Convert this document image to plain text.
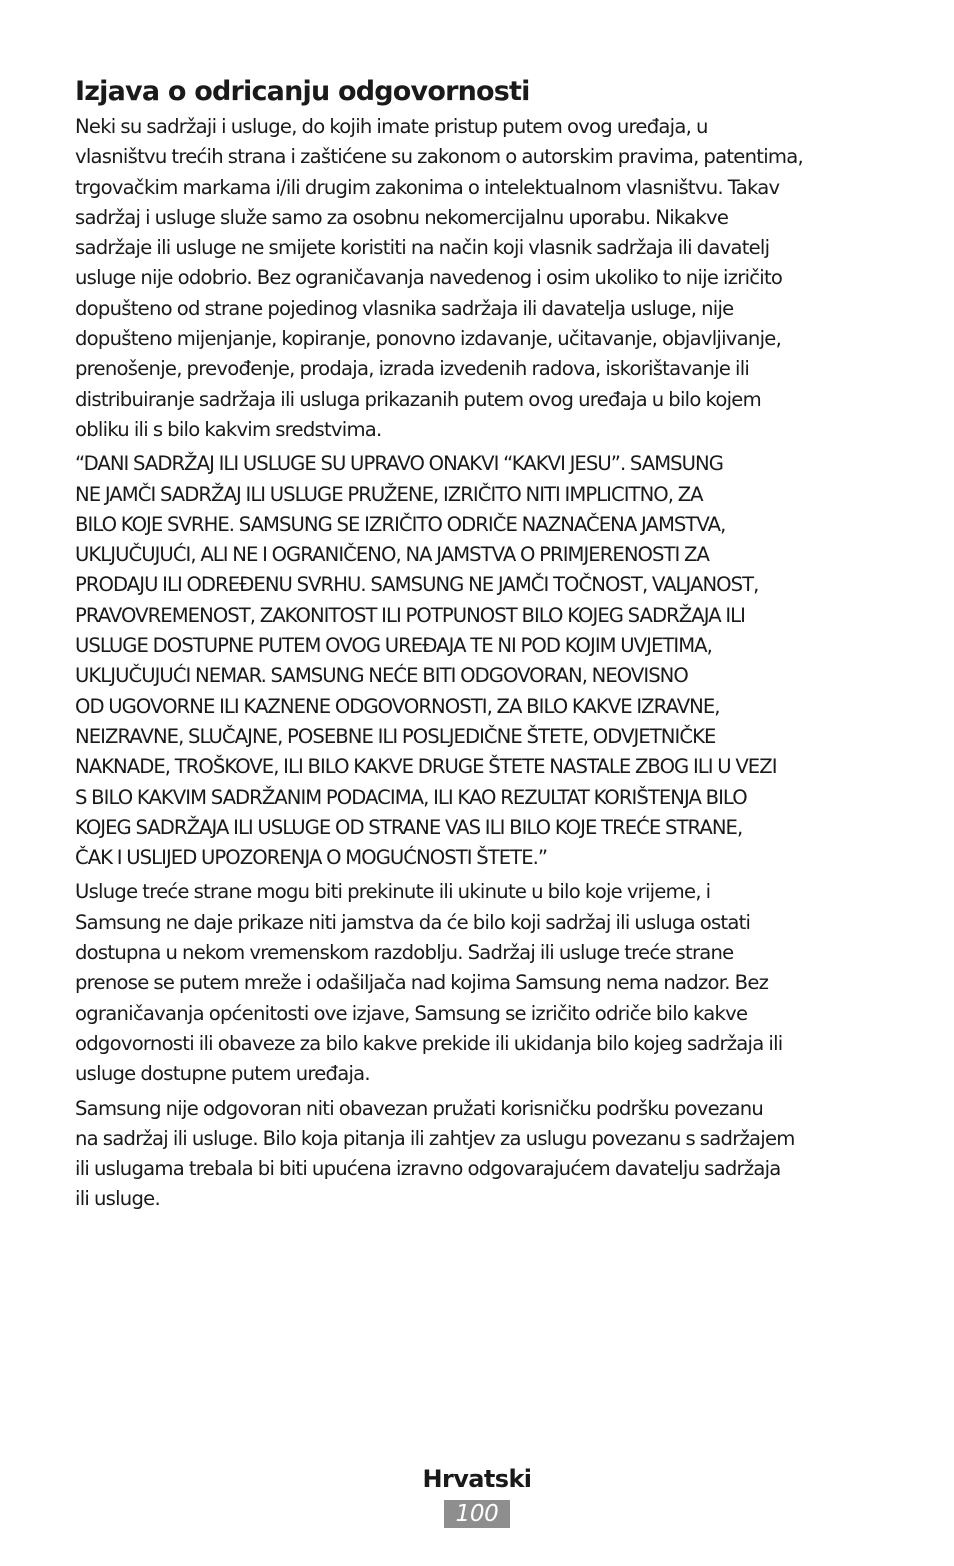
Izjava o odricanju odgovornosti
Neki su sadržaji i usluge, do kojih imate pristup putem ovog uređaja, u
vlasništvu trećih strana i zaštićene su zakonom o autorskim pravima, patentima,
trgovačkim markama i/ili drugim zakonima o intelektualnom vlasništvu. Takav
sadržaj i usluge služe samo za osobnu nekomercijalnu uporabu. Nikakve
sadržaje ili usluge ne smijete koristiti na način koji vlasnik sadržaja ili davatelj
usluge nije odobrio. Bez ograničavanja navedenog i osim ukoliko to nije izričito
dopušteno od strane pojedinog vlasnika sadržaja ili davatelja usluge, nije
dopušteno mijenjanje, kopiranje, ponovno izdavanje, učitavanje, objavljivanje,
prenošenje, prevođenje, prodaja, izrada izvedenih radova, iskorištavanje ili
distribuiranje sadržaja ili usluga prikazanih putem ovog uređaja u bilo kojem
obliku ili s bilo kakvim sredstvima.
“DANI SADRŽAJ ILI USLUGE SU UPRAVO ONAKVI “KAKVI JESU”. SAMSUNG
NE JAMČI SADRŽAJ ILI USLUGE PRUŽENE, IZRIČITO NITI IMPLICITNO, ZA
BILO KOJE SVRHE. SAMSUNG SE IZRIČITO ODRIČE NAZNAČENA JAMSTVA,
UKLJUČUJUĆI, ALI NE I OGRANIČENO, NA JAMSTVA O PRIMJERENOSTI ZA
PRODAJU ILI ODREĐENU SVRHU. SAMSUNG NE JAMČI TOČNOST, VALJANOST,
PRAVOVREMENOST, ZAKONITOST ILI POTPUNOST BILO KOJEG SADRŽAJA ILI
USLUGE DOSTUPNE PUTEM OVOG UREĐAJA TE NI POD KOJIM UVJETIMA,
UKLJUČUJUĆI NEMAR. SAMSUNG NEĆE BITI ODGOVORAN, NEOVISNO
OD UGOVORNE ILI KAZNENE ODGOVORNOSTI, ZA BILO KAKVE IZRAVNE,
NEIZRAVNE, SLUČAJNE, POSEBNE ILI POSLJEDIČNE ŠTETE, ODVJETNIČKE
NAKNADE, TROŠKOVE, ILI BILO KAKVE DRUGE ŠTETE NASTALE ZBOG ILI U VEZI
S BILO KAKVIM SADRŽANIM PODACIMA, ILI KAO REZULTAT KORIŠTENJA BILO
KOJEG SADRŽAJA ILI USLUGE OD STRANE VAS ILI BILO KOJE TREĆE STRANE,
ČAK I USLIJED UPOZORENJA O MOGUĆNOSTI ŠTETE.”
Usluge treće strane mogu biti prekinute ili ukinute u bilo koje vrijeme, i
Samsung ne daje prikaze niti jamstva da će bilo koji sadržaj ili usluga ostati
dostupna u nekom vremenskom razdoblju. Sadržaj ili usluge treće strane
prenose se putem mreže i odašiljača nad kojima Samsung nema nadzor. Bez
ograničavanja općenitosti ove izjave, Samsung se izričito odriče bilo kakve
odgovornosti ili obaveze za bilo kakve prekide ili ukidanja bilo kojeg sadržaja ili
usluge dostupne putem uređaja.
Samsung nije odgovoran niti obavezan pružati korisničku podršku povezanu
na sadržaj ili usluge. Bilo koja pitanja ili zahtjev za uslugu povezanu s sadržajem
ili uslugama trebala bi biti upućena izravno odgovarajućem davatelju sadržaja
ili usluge.
Hrvatski
100
